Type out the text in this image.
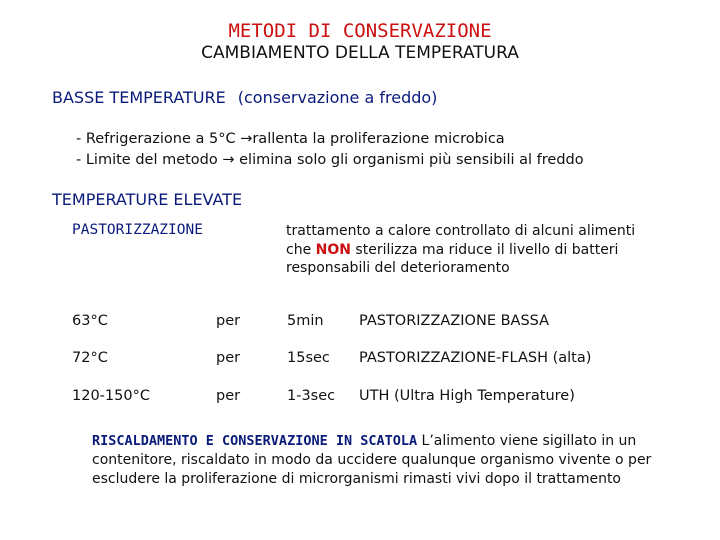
METODI DI CONSERVAZIONE
CAMBIAMENTO DELLA TEMPERATURA
BASSE TEMPERATURE (conservazione a freddo)
- Refrigerazione a 5°C →rallenta la proliferazione microbica
- Limite del metodo → elimina solo gli organismi più sensibili al freddo
TEMPERATURE ELEVATE
PASTORIZZAZIONE	trattamento a calore controllato di alcuni alimenti che NON sterilizza ma riduce il livello di batteri responsabili del deterioramento
63°C	per	5min PASTORIZZAZIONE BASSA
72°C	per	15sec PASTORIZZAZIONE-FLASH (alta)
120-150°C	per	1-3sec UTH (Ultra High Temperature)
RISCALDAMENTO E CONSERVAZIONE IN SCATOLA L’alimento viene sigillato in un contenitore, riscaldato in modo da uccidere qualunque organismo vivente o per escludere la proliferazione di microrganismi rimasti vivi dopo il trattamento
